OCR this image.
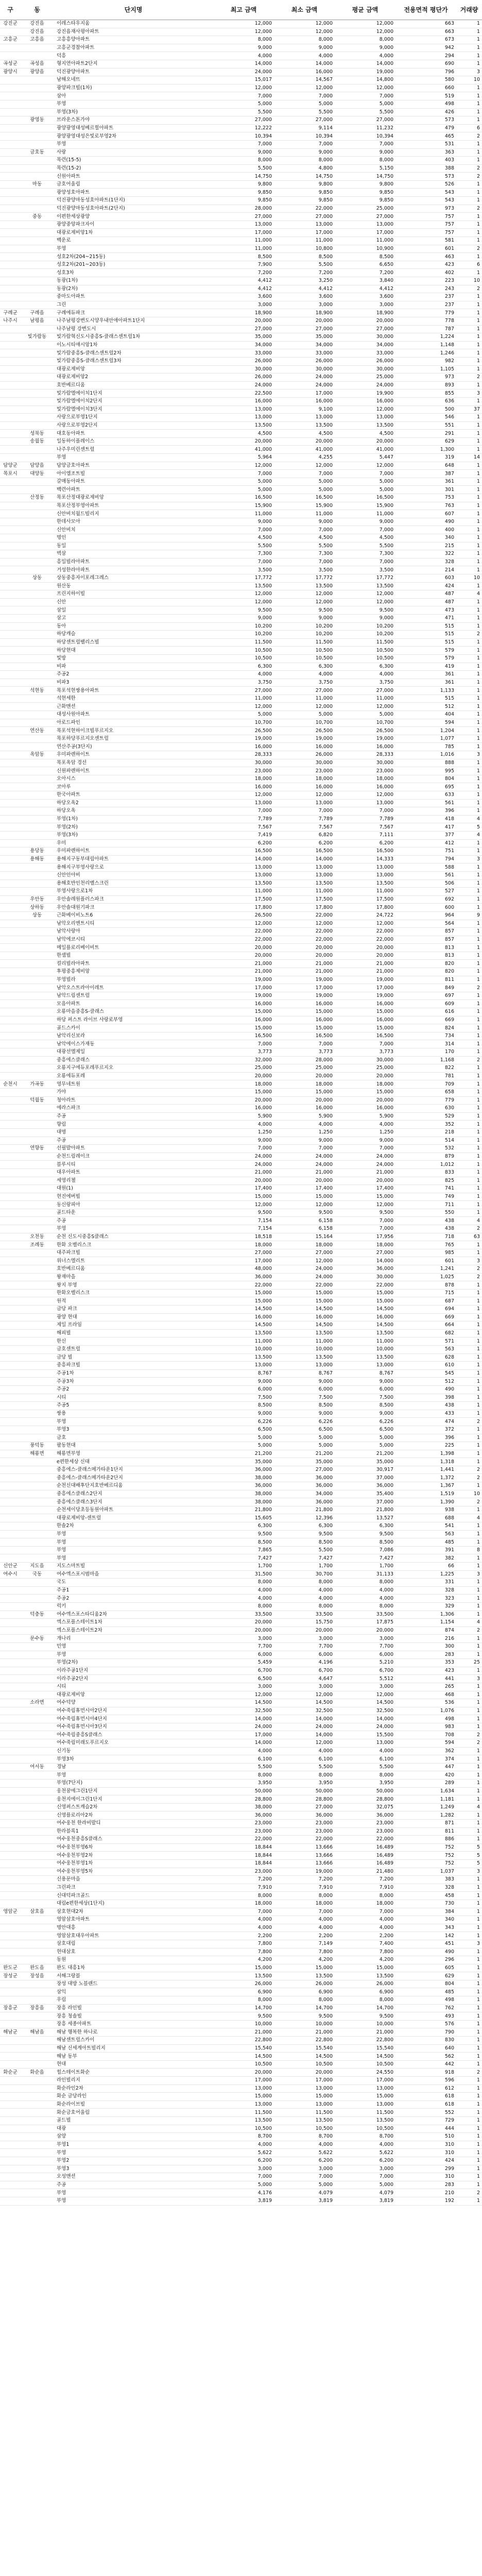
구	동	단지명	최고 금액	최소 금액	평균 금액	전용면적 평단가	거래량
강진군	강진읍	이레스타우지움	12,000	12,000	12,000	663	1
	강진읍	강진읍재사평아파트	12,000	12,000	12,000	663	1
고흥군	고흥읍	고흥흥양아파트	8,000	8,000	8,000	673	1
		고흥군경찰아파트	9,000	9,000	9,000	942	1
		덕흥	4,000	4,000	4,000	294	1
곡성군	곡성읍	형지연아파트2단지	14,000	14,000	14,000	690	1
광양시	광양읍	덕진광양아파트	24,000	16,000	19,000	796	3
		남해오네뜨	15,017	14,567	14,800	580	10
		광양파크빌(1차)	12,000	12,000	12,000	660	1
		삼아	7,000	7,000	7,000	519	1
		부영	5,000	5,000	5,000	498	1
		부영(3차)	5,500	5,500	5,500	426	1
	광영동	브라운스톤가야	27,000	27,000	27,000	573	1
		광양광영대성베르힐아파트	12,222	9,114	11,232	479	6
		광양광영대성은빛로부영2차	10,394	10,394	10,394	465	2
		부영	7,000	7,000	7,000	531	1
	금호동	사랑	9,000	9,000	9,000	363	1
		목련(15-5)	8,000	8,000	8,000	403	1
		목련(15-2)	5,500	4,800	5,150	388	2
		신원아파트	14,750	14,750	14,750	573	2
	마동	금호어울림	9,800	9,800	9,800	526	1
		광양성호아파트	9,850	9,850	9,850	543	1
		덕진광양마동성호아파트(1단지)	9,850	9,850	9,850	543	1
		덕진광양마동성호아파트(2단지)	28,000	22,000	25,000	973	2
	중동	이편한세상광양	27,000	27,000	27,000	757	1
		광양중앙파크자이	13,000	13,000	13,000	757	1
		대광로제비앙1차	17,000	17,000	17,000	757	1
		백운로	11,000	11,000	11,000	581	1
		부영	11,000	10,800	10,900	601	2
		성호2차(204~215동)	8,500	8,500	8,500	463	1
		성호2차(201~203동)	7,900	5,500	6,650	423	6
		성호3차	7,200	7,200	7,200	402	1
		동광(1차)	4,412	3,250	3,840	223	10
		동광(2차)	4,412	4,412	4,412	243	2
		중마도아파트	3,600	3,600	3,600	237	1
		그린	3,000	3,000	3,000	237	1
구례군	구례읍	구례에듀파크	18,900	18,900	18,900	779	1
나주시	남평읍	나주남평강변도시양우내안애아파트1단지	20,000	20,000	20,000	778	1
		나주남평 강변도시	27,000	27,000	27,000	787	1
	빛가람동	빛가람혁신도시중흥S-클래스센트럴1차	35,000	35,000	30,000	1,224	1
		이노시티애시앙1차	34,000	34,000	34,000	1,148	1
		빛가람중흥S-클래스센트럴2차	33,000	33,000	33,000	1,246	1
		빛가람중흥S-클래스센트럴3차	26,000	26,000	26,000	982	1
		대광로제비앙	30,000	30,000	30,000	1,105	1
		대광로제비앙2	26,000	24,000	25,000	973	2
		호반베르디움	24,000	24,000	24,000	893	1
		빛가람엘에이치1단지	22,500	17,000	19,900	855	3
		빛가람엘에이치2단지	16,000	16,000	16,000	636	1
		빛가람엘에이치3단지	13,000	9,100	12,000	500	37
		사랑으로부영1단지	13,000	13,000	13,000	546	1
		사랑으로부영2단지	13,500	13,500	13,500	551	1
	성북동	대호동아파트	4,500	4,500	4,500	291	1
	송월동	일동하이플레이스	20,000	20,000	20,000	629	1
		나주우미린센트럴	41,000	41,000	41,000	1,300	1
		부영	5,964	4,255	5,447	319	14
담양군	담양읍	담양금호아파트	12,000	12,000	12,000	648	1
목포시	대양동	아이엠조트빌	7,000	7,000	7,000	387	1
		갈매동아파트	5,000	5,000	5,000	361	1
		백련아파트	5,000	5,000	5,000	301	1
	산정동	목포산정대광로제비앙	16,500	16,500	16,500	753	1
		목포산정부영아파트	15,900	15,900	15,900	763	1
		신안비치월드빌리지	11,000	11,000	11,000	607	1
		한데사모아	9,000	9,000	9,000	490	1
		신안비치	7,000	7,000	7,000	400	1
		명인	4,500	4,500	4,500	340	1
		동일	5,500	5,500	5,500	215	1
		벽삼	7,300	7,300	7,300	322	1
		흥일빌라아파트	7,000	7,000	7,000	328	1
		거성한라아파트	3,500	3,500	3,500	214	1
	상동	상동중흥자이포레그레스	17,772	17,772	17,772	603	10
		원산동	13,500	13,500	13,500	424	1
		프린지하이빌	12,000	12,000	12,000	487	4
		신안	12,000	12,000	12,000	487	1
		삼일	9,500	9,500	9,500	473	1
		삼고	9,000	9,000	9,000	471	1
		동아	10,200	10,200	10,200	515	1
		하당캐슬	10,200	10,200	10,200	515	2
		하당센트럴팰리스빌	11,500	11,500	11,500	515	1
		하당현대	10,500	10,500	10,500	579	1
		빛방	10,500	10,500	10,500	579	1
		비파	6,300	6,300	6,300	419	1
		주공2	4,000	4,000	4,000	361	1
		비파3	3,750	3,750	3,750	361	1
	석현동	목포석현쌍용아파트	27,000	27,000	27,000	1,133	1
		석현세한	11,000	11,000	11,000	515	1
		근화맨션	12,000	12,000	12,000	512	1
		대성사원아파트	5,000	5,000	5,000	404	1
		아로드파인	10,700	10,700	10,700	594	1
	연산동	목포석현하이크빌푸르지오	26,500	26,500	26,500	1,204	1
		목포하당푸르지오센트럴	19,000	19,000	19,000	1,077	1
		연산주공(3단지)	16,000	16,000	16,000	785	1
	옥암동	우미파렌하이트	28,333	26,000	28,333	1,016	3
		목포옥암 경선	30,000	30,000	30,000	888	1
		신원파렌하이트	23,000	23,000	23,000	995	1
		오아시스	18,000	18,000	18,000	804	1
		코아루	16,000	16,000	16,000	695	1
		한국아파트	12,000	12,000	12,000	633	1
		하당오옥2	13,000	13,000	13,000	561	1
		하당오옥	7,000	7,000	7,000	396	1
		부영(1차)	7,789	7,789	7,789	418	4
		부영(2차)	7,567	7,567	7,567	417	5
		부영(3차)	7,419	6,820	7,111	377	4
		우미	6,200	6,200	6,200	412	1
	용당동	우미파렌하이트	16,500	16,500	16,500	751	1
	용해동	용해지구동부대림아파트	14,000	14,000	14,333	794	3
		용해지구부영사랑으로	13,000	13,000	13,000	588	1
		신안인아비	13,000	13,000	13,000	561	1
		용해호반인천리벨스크린	13,500	13,500	13,500	506	1
		부영사랑으로1차	11,000	11,000	11,000	527	1
	우안동	우안솔레원플러스파크	17,500	17,500	17,500	692	1
	상하동	우안솔대원기파크	17,800	17,800	17,800	600	1
	상동	근화베이비노트6	26,500	22,000	24,722	964	9
		남악오리엔트시티	12,000	12,000	12,000	564	1
		남악사랑아	22,000	22,000	22,000	857	1
		남악에코시티	22,000	22,000	22,000	857	1
		메일플로리베이비트	20,000	20,000	20,000	813	1
		한샘빌	20,000	20,000	20,000	813	1
		컬리빌라아파트	21,000	21,000	21,000	820	1
		후평중흥제비앙	21,000	21,000	21,000	820	1
		부영빌라	19,000	19,000	19,000	811	1
		남악오스트라아이레트	17,000	17,000	17,000	849	2
		남악드림센트럴	19,000	19,000	19,000	697	1
		모음아파트	16,000	16,000	16,000	609	1
		오룡마을중흥S-클래스	15,000	15,000	15,000	616	1
		하당 퍼스트 라이브 사랑로부영	16,000	16,000	16,000	669	1
		골드스카이	15,000	15,000	15,000	824	1
		남악리신보라	16,500	16,500	16,500	734	1
		남악에이스가재동	7,000	7,000	7,000	314	1
		대광선엘제일	3,773	3,773	3,773	170	1
		중흥에스클래스	32,000	28,000	30,000	1,168	2
		오룡지구에듀포레푸르지오	25,000	25,000	25,000	822	1
		오룡에듀포레	20,000	20,000	20,000	781	1
순천시	가곡동	영무네트원	18,000	18,000	18,000	709	1
		가야	15,000	15,000	15,000	658	1
	덕월동	청아라트	20,000	20,000	20,000	779	1
		에라스파크	16,000	16,000	16,000	630	1
		주공	5,900	5,900	5,900	529	1
		향림	4,000	4,000	4,000	352	1
		대명	1,250	1,250	1,250	218	1
		주공	9,000	9,000	9,000	514	1
	연향동	선필발아파트	7,000	7,000	7,000	532	1
		순천드림레이크	24,000	24,000	24,000	879	1
		블루시티	24,000	24,000	24,000	1,012	1
		대우아파트	21,000	21,000	21,000	833	1
		세영리첼	20,000	20,000	20,000	825	1
		대원(1)	17,400	17,400	17,400	741	1
		현진에버빌	15,000	15,000	15,000	749	1
		동신랑피아	12,000	12,000	12,000	711	1
		골드타운	9,500	9,500	9,500	550	1
		주공	7,154	6,158	7,000	438	4
		부영	7,154	6,158	7,000	438	2
	오천동	순천 신도시중흥S클래스	18,518	15,164	17,956	718	63
	조례동	한화 오벨리스크	18,000	18,000	18,000	765	1
		대주파크빌	27,000	27,000	27,000	985	1
		위너스엘리트	17,000	12,000	14,000	601	3
		호반베르디움	48,000	24,000	36,000	1,241	2
		왕재마을	36,000	24,000	30,000	1,025	2
		왕지 부영	22,000	22,000	22,000	878	1
		한화오벨리스크	15,000	15,000	15,000	715	1
		원적	15,000	15,000	15,000	687	1
		금당 파크	14,500	14,500	14,500	694	1
		광양 현대	16,000	16,000	16,000	669	1
		제일 프라임	14,500	14,500	14,500	664	1
		해피빌	13,500	13,500	13,500	682	1
		한신	11,000	11,000	11,000	571	1
		금호센트럴	10,000	10,000	10,000	563	1
		금당 빌	13,500	13,500	13,500	628	1
		중흥파크빌	13,000	13,000	13,000	610	1
		주공1차	8,767	8,767	8,767	545	1
		주공3차	9,000	9,000	9,000	512	1
		주공2	6,000	6,000	6,000	490	1
		시티	7,500	7,500	7,500	398	1
		주공5	8,500	8,500	8,500	438	1
		쌍용	9,000	9,000	9,000	433	1
		부영	6,226	6,226	6,226	474	2
		부영3	6,500	6,500	6,500	372	1
		금호	5,000	5,000	5,000	396	1
	풍덕동	팔동현대	5,000	5,000	5,000	225	1
	해룡면	해룡면부영	21,200	21,200	21,200	1,398	1
		e편한세상 신대	35,000	35,000	35,000	1,318	1
		중흥에스-클래스메가타운1단지	36,000	27,000	30,917	1,441	2
		중흥에스-클래스메가타운2단지	38,000	36,000	37,000	1,372	2
		순천신대배후단지호반베르디움	36,000	36,000	36,000	1,367	1
		중흥에스클래스2단지	38,000	34,000	35,400	1,519	10
		중흥에스클래스3단지	38,000	36,000	37,000	1,390	2
		순천세이당초등동원아파트	21,800	21,800	21,800	938	1
		대광로제비앙-센트럴	15,605	12,396	13,527	688	4
		한솔2차	6,300	6,300	6,300	541	1
		부영	9,500	9,500	9,500	563	1
		부영	8,500	8,500	8,500	485	1
		부영	7,865	5,500	7,086	391	8
		부영	7,427	7,427	7,427	382	1
신안군	지도읍	지도스마트빌	1,700	1,700	1,700	66	1
여수시	국동	여수엑스포시범마을	31,500	30,700	31,133	1,225	3
		국도	8,000	8,000	8,000	331	1
		주공1	4,000	4,000	4,000	328	1
		주공2	4,000	4,000	4,000	323	1
		럭키	8,000	8,000	8,000	329	1
	덕충동	여수엑스포스타디움2차	33,500	33,500	33,500	1,306	1
		엑스포플스테이트1차	20,000	15,750	17,875	1,154	4
		엑스포플스테이트2차	20,000	20,000	20,000	874	2
	문수동	개나리	3,000	3,000	3,000	216	1
		민영	7,700	7,700	7,700	300	1
		부영	6,000	6,000	6,000	283	1
		부영(2차)	5,459	4,196	5,210	353	25
		이라주공1단지	6,700	6,700	6,700	423	1
		이라주공2단지	6,500	4,647	5,512	441	3
		시티	3,000	3,000	3,000	265	1
		대광로제비앙	12,000	12,000	12,000	468	1
	소라면	여수덕양	14,500	14,500	14,500	536	1
		여수죽림휴먼시아2단지	32,500	32,500	32,500	1,076	1
		여수죽림휴먼시아4단지	14,000	14,000	14,000	498	1
		여수죽림휴먼시아3단지	24,000	24,000	24,000	983	1
		여수죽림중흥S클래스	17,000	14,000	15,500	708	2
		여수죽림미래도푸르지오	14,000	12,000	13,000	594	2
		신기동	4,000	4,000	4,000	362	1
		부영3차	6,100	6,100	6,100	374	1
	여서동	경남	5,500	5,500	5,500	447	1
		부영	8,000	8,000	8,000	420	1
		부영(7단지)	3,950	3,950	3,950	289	1
		웅천꿈에그린1단지	50,000	50,000	50,000	1,634	1
		웅천지에이그린1단지	28,800	28,800	28,800	1,181	1
		신영퍼스트캐슬2차	38,000	27,000	32,075	1,249	4
		신영플로리아2차	36,000	36,000	36,000	1,282	1
		여수웅천 한라비발디	23,000	23,000	23,000	871	1
		한라블록1	23,000	23,000	23,000	811	1
		여수웅천중흥S클래스	22,000	22,000	22,000	886	1
		여수웅천부영6차	18,844	13,666	16,489	752	5
		여수웅천부영2차	18,844	13,666	16,489	752	5
		여수웅천부영1차	18,844	13,666	16,489	752	5
		여수웅천부영5차	23,000	19,000	21,480	1,037	3
		신용문마을	7,200	7,200	7,200	383	1
		그린파크	7,910	7,910	7,910	328	1
		신대덕파크골드	8,000	8,000	8,000	458	1
		대림e편한세상(1단지)	18,000	18,000	18,000	730	1
영암군	삼호읍	삼호현대2차	7,000	7,000	7,000	384	1
		영암삼호아파트	4,000	4,000	4,000	340	1
		명안대흥	4,000	4,000	4,000	343	1
		영암삼호대우아파트	2,200	2,200	2,200	142	1
		삼호대림	7,800	7,149	7,400	451	3
		현대삼호	7,800	7,800	7,800	490	1
		동원	4,200	4,200	4,200	296	1
완도군	완도읍	완도 대흥1차	15,000	15,000	15,000	605	1
장성군	장성읍	서해그랑블	13,500	13,500	13,500	629	1
		장성 대방 노블랜드	26,000	26,000	26,000	804	1
		삼익	6,900	6,900	6,900	485	1
		우림	8,000	8,000	8,000	498	1
장흥군	장흥읍	장흥 라인빌	14,700	14,700	14,700	762	1
		장흥 청솔빌	9,500	9,500	9,500	493	1
		장흥 세종아파트	10,000	10,000	10,000	576	1
해남군	해남읍	해남 행복한 하나로	21,000	21,000	21,000	790	1
		해남센트럴스카이	22,800	22,800	22,800	830	1
		해남 신세계아트빌리지	15,540	15,540	15,540	640	1
		해남 동부	14,500	14,500	14,500	562	1
		현대	10,500	10,500	10,500	442	1
화순군	화순읍	힐스테이트화순	20,000	20,000	24,550	918	2
		라인빌리지	17,000	17,000	17,000	596	1
		화순라인2차	13,000	13,000	13,000	612	1
		화순 금당라인	15,000	15,000	15,000	618	1
		화순라이브빌	13,000	13,000	13,000	618	1
		화순금호어울림	11,500	11,500	11,500	552	1
		골드빌	13,500	13,500	13,500	729	1
		대광	10,500	10,500	10,500	444	1
		삼양	8,700	8,700	8,700	510	1
		부영1	4,000	4,000	4,000	310	1
		부영	5,622	5,622	5,622	310	1
		부영2	6,200	6,200	6,200	424	1
		부영3	3,000	3,000	3,000	299	1
		오성맨션	7,000	7,000	7,000	310	1
		주공	5,000	5,000	5,000	283	1
		부영	4,176	4,079	4,079	210	2
		부영	3,819	3,819	3,819	192	1
